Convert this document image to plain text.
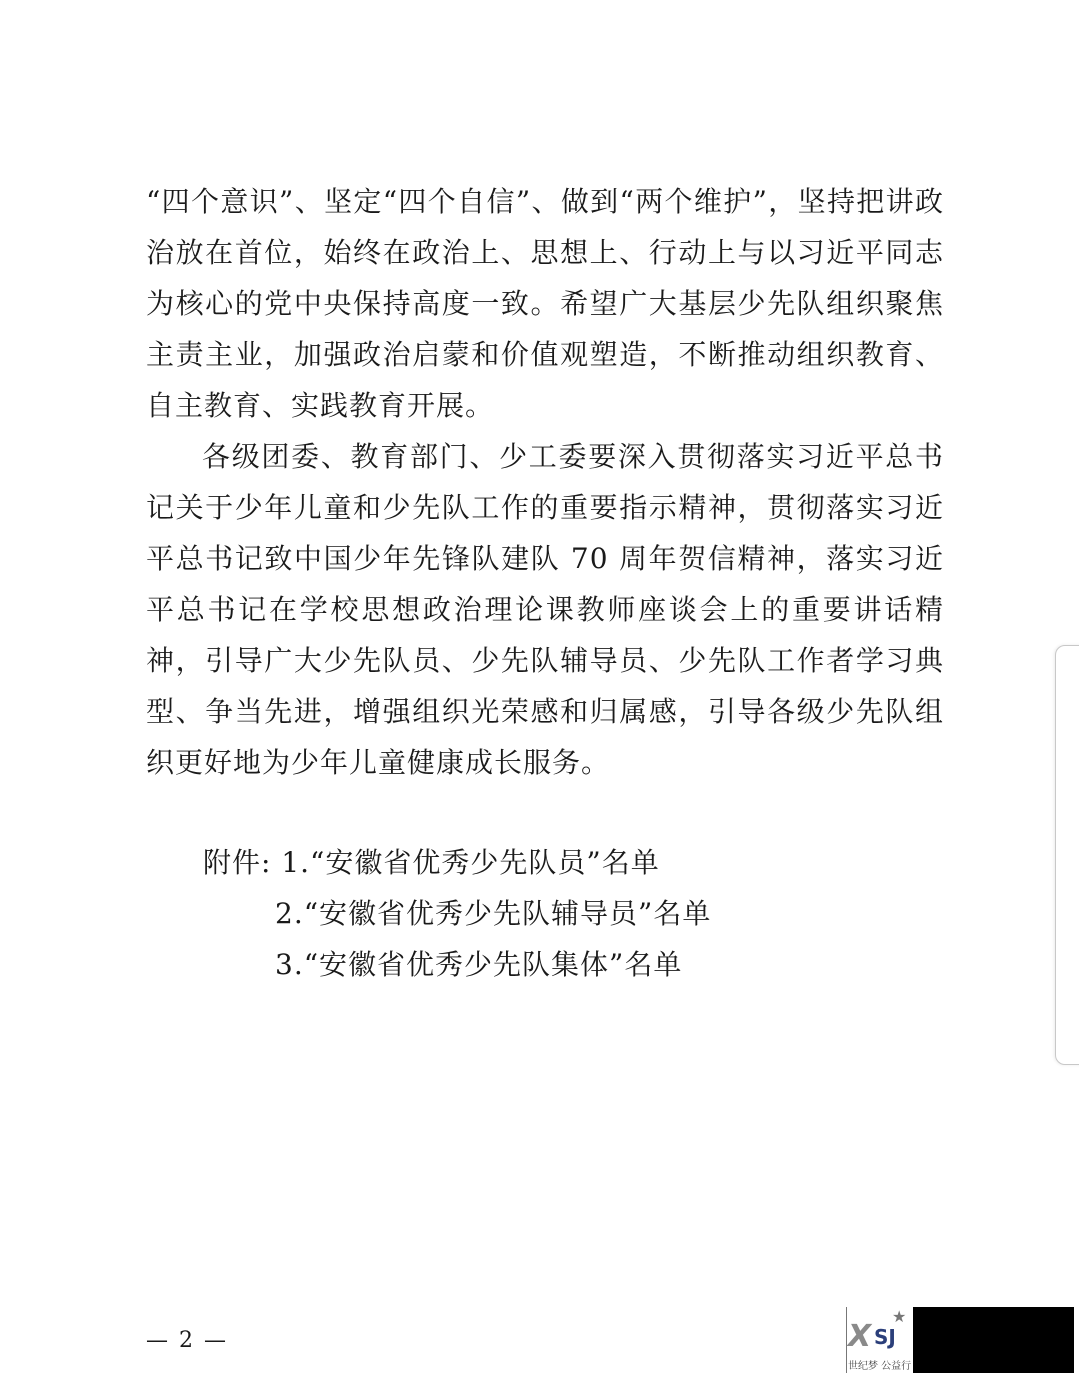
“四个意识”、坚定“四个自信”、做到“两个维护”，坚持把讲政治放在首位，始终在政治上、思想上、行动上与以习近平同志为核心的党中央保持高度一致。希望广大基层少先队组织聚焦主责主业，加强政治启蒙和价值观塑造，不断推动组织教育、自主教育、实践教育开展。

各级团委、教育部门、少工委要深入贯彻落实习近平总书记关于少年儿童和少先队工作的重要指示精神，贯彻落实习近平总书记致中国少年先锋队建队 70 周年贺信精神，落实习近平总书记在学校思想政治理论课教师座谈会上的重要讲话精神，引导广大少先队员、少先队辅导员、少先队工作者学习典型、争当先进，增强组织光荣感和归属感，引导各级少先队组织更好地为少年儿童健康成长服务。

附件: 1.“安徽省优秀少先队员”名单
2.“安徽省优秀少先队辅导员”名单
3.“安徽省优秀少先队集体”名单
— 2 —	X
★
SJ
世纪梦 公益行
